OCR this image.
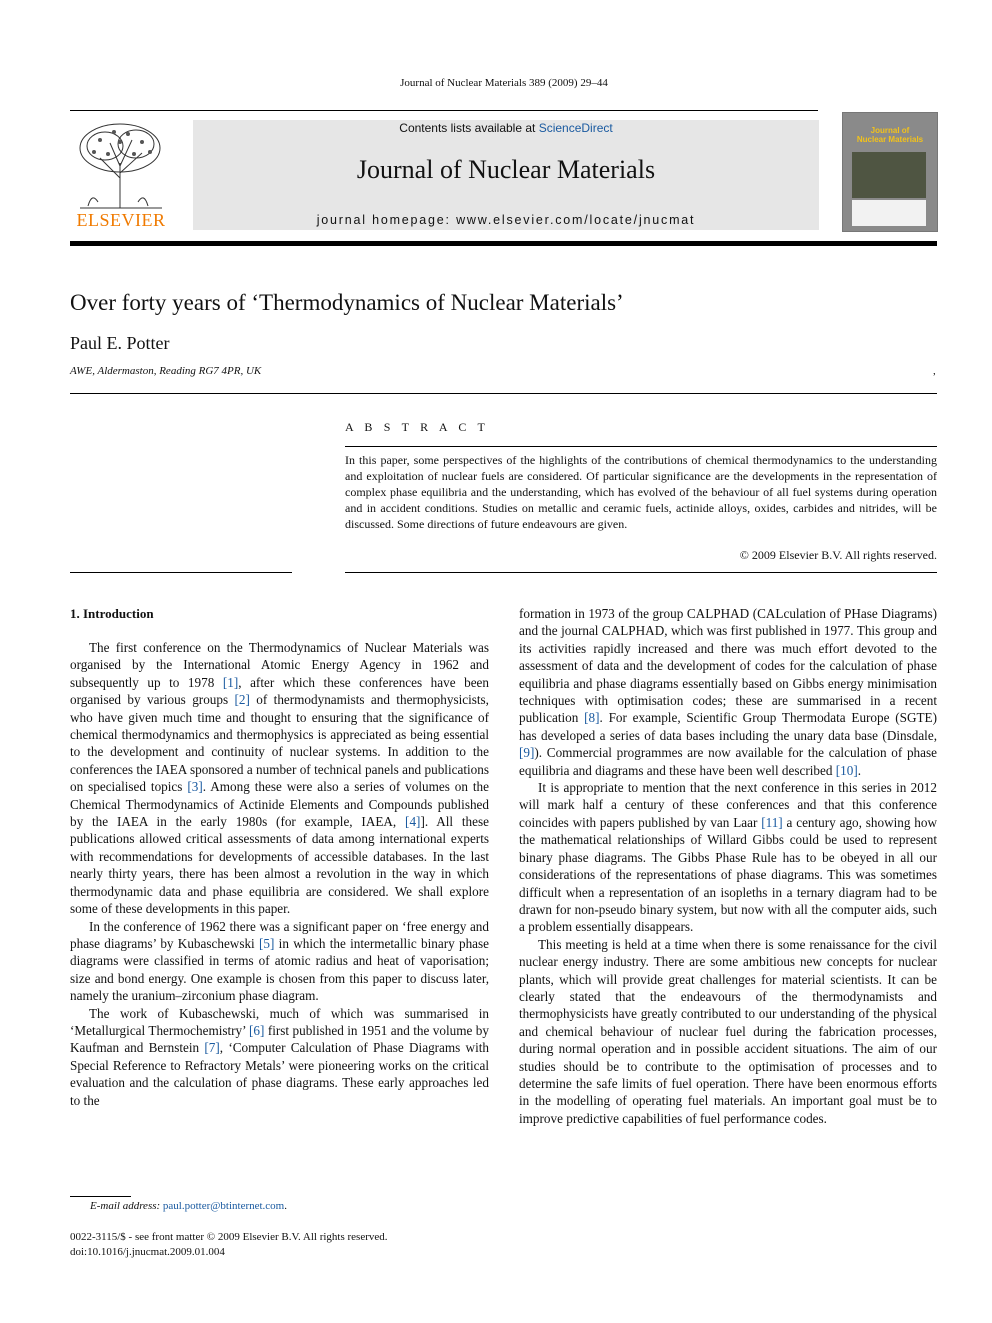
Journal of Nuclear Materials 389 (2009) 29–44
ELSEVIER
Contents lists available at ScienceDirect
Journal of Nuclear Materials
journal homepage: www.elsevier.com/locate/jnucmat
Journal of
Nuclear Materials
Over forty years of ‘Thermodynamics of Nuclear Materials’
Paul E. Potter
AWE, Aldermaston, Reading RG7 4PR, UK	,
A B S T R A C T
In this paper, some perspectives of the highlights of the contributions of chemical thermodynamics to the understanding and exploitation of nuclear fuels are considered. Of particular significance are the developments in the representation of complex phase equilibria and the understanding, which has evolved of the behaviour of all fuel systems during operation and in accident conditions. Studies on metallic and ceramic fuels, actinide alloys, oxides, carbides and nitrides, will be discussed. Some directions of future endeavours are given.
© 2009 Elsevier B.V. All rights reserved.
1. Introduction

The first conference on the Thermodynamics of Nuclear Materials was organised by the International Atomic Energy Agency in 1962 and subsequently up to 1978 [1], after which these conferences have been organised by various groups [2] of thermodynamists and thermophysicists, who have given much time and thought to ensuring that the significance of chemical thermodynamics and thermophysics is appreciated as being essential to the development and continuity of nuclear systems. In addition to the conferences the IAEA sponsored a number of technical panels and publications on specialised topics [3]. Among these were also a series of volumes on the Chemical Thermodynamics of Actinide Elements and Compounds published by the IAEA in the early 1980s (for example, IAEA, [4]]. All these publications allowed critical assessments of data among international experts with recommendations for developments of accessible databases. In the last nearly thirty years, there has been almost a revolution in the way in which thermodynamic data and phase equilibria are considered. We shall explore some of these developments in this paper.

In the conference of 1962 there was a significant paper on ‘free energy and phase diagrams’ by Kubaschewski [5] in which the intermetallic binary phase diagrams were classified in terms of atomic radius and heat of vaporisation; size and bond energy. One example is chosen from this paper to discuss later, namely the uranium–zirconium phase diagram.

The work of Kubaschewski, much of which was summarised in ‘Metallurgical Thermochemistry’ [6] first published in 1951 and the volume by Kaufman and Bernstein [7], ‘Computer Calculation of Phase Diagrams with Special Reference to Refractory Metals’ were pioneering works on the critical evaluation and the calculation of phase diagrams. These early approaches led to the

formation in 1973 of the group CALPHAD (CALculation of PHase Diagrams) and the journal CALPHAD, which was first published in 1977. This group and its activities rapidly increased and there was much effort devoted to the assessment of data and the development of codes for the calculation of phase equilibria and phase diagrams essentially based on Gibbs energy minimisation techniques with optimisation codes; these are summarised in a recent publication [8]. For example, Scientific Group Thermodata Europe (SGTE) has developed a series of data bases including the unary data base (Dinsdale, [9]). Commercial programmes are now available for the calculation of phase equilibria and diagrams and these have been well described [10].

It is appropriate to mention that the next conference in this series in 2012 will mark half a century of these conferences and that this conference coincides with papers published by van Laar [11] a century ago, showing how the mathematical relationships of Willard Gibbs could be used to represent binary phase diagrams. The Gibbs Phase Rule has to be obeyed in all our considerations of the representations of phase diagrams. This was sometimes difficult when a representation of an isopleths in a ternary diagram had to be drawn for non-pseudo binary system, but now with all the computer aids, such a problem essentially disappears.

This meeting is held at a time when there is some renaissance for the civil nuclear energy industry. There are some ambitious new concepts for nuclear plants, which will provide great challenges for material scientists. It can be clearly stated that the endeavours of the thermodynamists and thermophysicists have greatly contributed to our understanding of the physical and chemical behaviour of nuclear fuel during the fabrication processes, during normal operation and in possible accident situations. The aim of our studies should be to contribute to the optimisation of processes and to determine the safe limits of fuel operation. There have been enormous efforts in the modelling of operating fuel materials. An important goal must be to improve predictive capabilities of fuel performance codes.

E-mail address: paul.potter@btinternet.com.
0022-3115/$ - see front matter © 2009 Elsevier B.V. All rights reserved.
doi:10.1016/j.jnucmat.2009.01.004
